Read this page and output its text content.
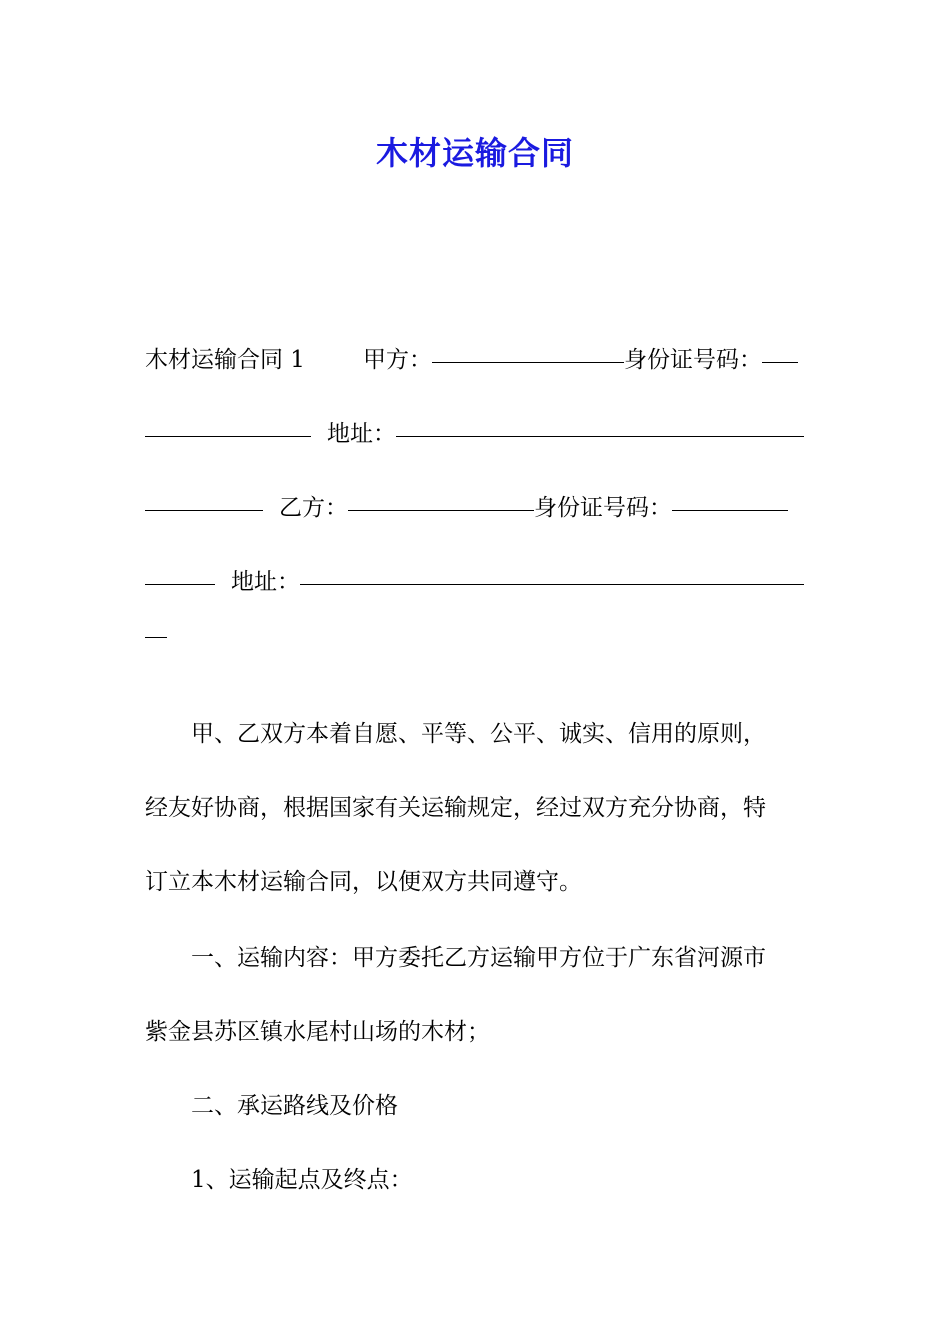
木材运输合同
木材运输合同 1	甲方：	身份证号码：
地址：
乙方：	身份证号码：
地址：
甲、乙双方本着自愿、平等、公平、诚实、信用的原则，
经友好协商，根据国家有关运输规定，经过双方充分协商，特
订立本木材运输合同，以便双方共同遵守。
一、运输内容：甲方委托乙方运输甲方位于广东省河源市
紫金县苏区镇水尾村山场的木材；
二、承运路线及价格
1、运输起点及终点：
